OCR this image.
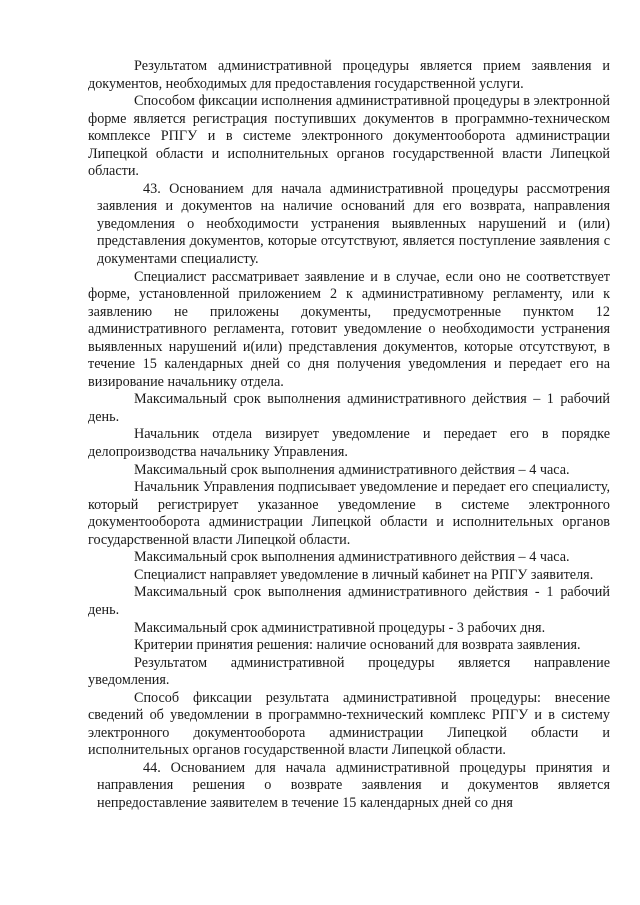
Результатом административной процедуры является прием заявления и документов, необходимых для предоставления государственной услуги.

Способом фиксации исполнения административной процедуры в электронной форме является регистрация поступивших документов в программно-техническом комплексе РПГУ и в системе электронного документооборота администрации Липецкой области и исполнительных органов государственной власти Липецкой области.

43. Основанием для начала административной процедуры рассмотрения заявления и документов на наличие оснований для его возврата, направления уведомления о необходимости устранения выявленных нарушений и (или) представления документов, которые отсутствуют, является поступление заявления с документами специалисту.

Специалист рассматривает заявление и в случае, если оно не соответствует форме, установленной приложением 2 к административному регламенту, или к заявлению не приложены документы, предусмотренные пунктом 12 административного регламента, готовит уведомление о необходимости устранения выявленных нарушений и(или) представления документов, которые отсутствуют, в течение 15 календарных дней со дня получения уведомления и передает его на визирование начальнику отдела.

Максимальный срок выполнения административного действия – 1 рабочий день.

Начальник отдела визирует уведомление и передает его в порядке делопроизводства начальнику Управления.

Максимальный срок выполнения административного действия – 4 часа.

Начальник Управления подписывает уведомление и передает его специалисту, который регистрирует указанное уведомление в системе электронного документооборота администрации Липецкой области и исполнительных органов государственной власти Липецкой области.

Максимальный срок выполнения административного действия – 4 часа.

Специалист направляет уведомление в личный кабинет на РПГУ заявителя.

Максимальный срок выполнения административного действия - 1 рабочий день.

Максимальный срок административной процедуры - 3 рабочих дня.

Критерии принятия решения: наличие оснований для возврата заявления.

Результатом административной процедуры является направление уведомления.

Способ фиксации результата административной процедуры: внесение сведений об уведомлении в программно-технический комплекс РПГУ и в систему электронного документооборота администрации Липецкой области и исполнительных органов государственной власти Липецкой области.

44. Основанием для начала административной процедуры принятия и направления решения о возврате заявления и документов является непредоставление заявителем в течение 15 календарных дней со дня
